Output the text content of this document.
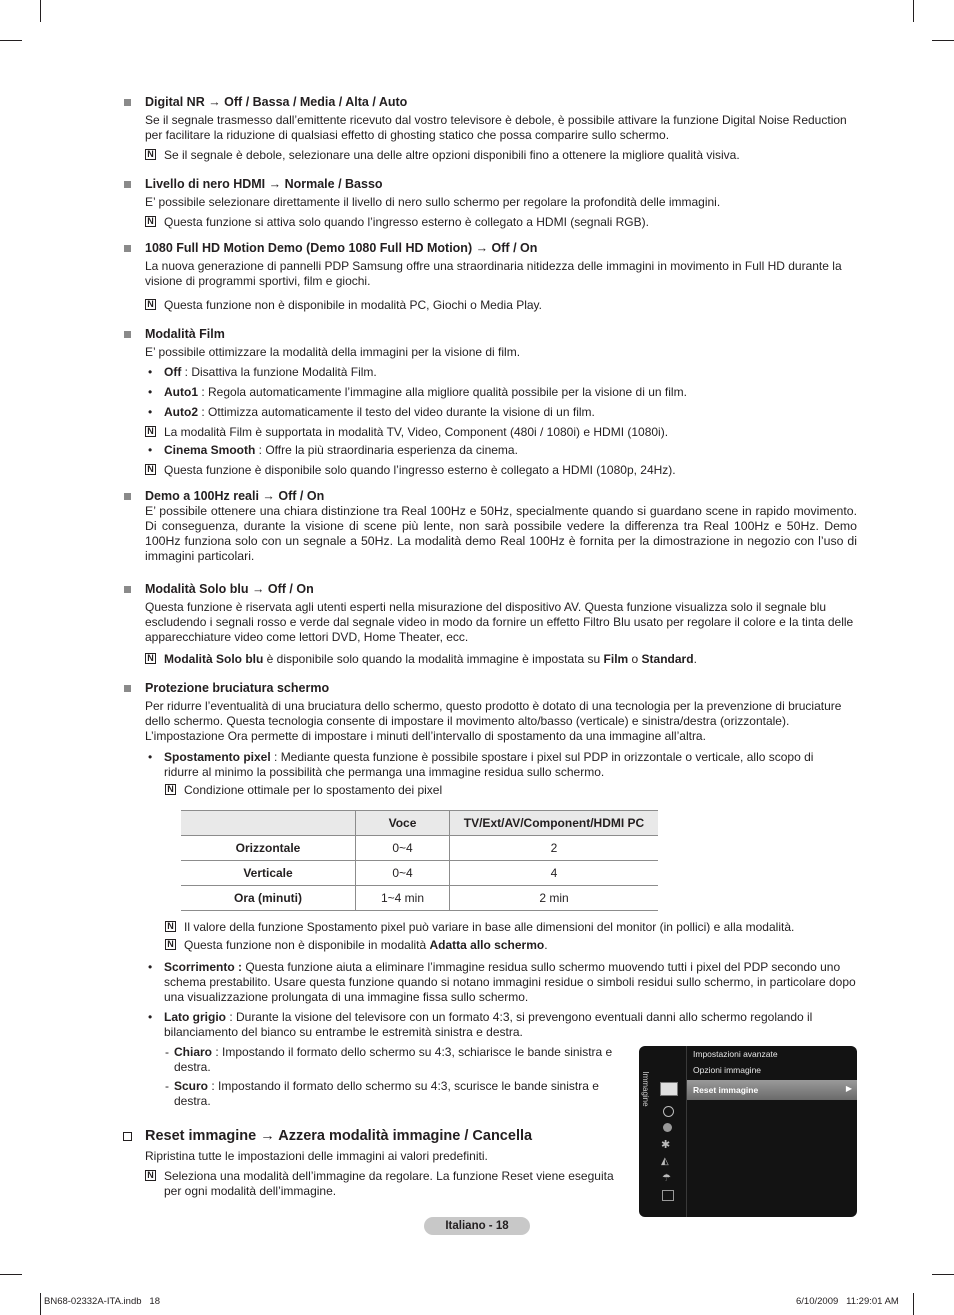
Digital NR → Off / Bassa / Media / Alta / Auto
Se il segnale trasmesso dall’emittente ricevuto dal vostro televisore è debole, è possibile attivare la funzione Digital Noise Reduction per facilitare la riduzione di qualsiasi effetto di ghosting statico che possa comparire sullo schermo.
N Se il segnale è debole, selezionare una delle altre opzioni disponibili fino a ottenere la migliore qualità visiva.
Livello di nero HDMI → Normale / Basso
E’ possibile selezionare direttamente il livello di nero sullo schermo per regolare la profondità delle immagini.
N Questa funzione si attiva solo quando l’ingresso esterno è collegato a HDMI (segnali RGB).
1080 Full HD Motion Demo (Demo 1080 Full HD Motion) → Off / On
La nuova generazione di pannelli PDP Samsung offre una straordinaria nitidezza delle immagini in movimento in Full HD durante la visione di programmi sportivi, film e giochi.
N Questa funzione non è disponibile in modalità PC, Giochi o Media Play.
Modalità Film
E’ possibile ottimizzare la modalità della immagini per la visione di film.
• Off : Disattiva la funzione Modalità Film.
• Auto1 : Regola automaticamente l’immagine alla migliore qualità possibile per la visione di un film.
• Auto2 : Ottimizza automaticamente il testo del video durante la visione di un film.
N La modalità Film è supportata in modalità TV, Video, Component (480i / 1080i) e HDMI (1080i).
• Cinema Smooth : Offre la più straordinaria esperienza da cinema.
N Questa funzione è disponibile solo quando l’ingresso esterno è collegato a HDMI (1080p, 24Hz).
Demo a 100Hz reali → Off / On
E’ possibile ottenere una chiara distinzione tra Real 100Hz e 50Hz, specialmente quando si guardano scene in rapido movimento. Di conseguenza, durante la visione di scene più lente, non sarà possibile vedere la differenza tra Real 100Hz e 50Hz. Demo 100Hz funziona solo con un segnale a 50Hz. La modalità demo Real 100Hz è fornita per la dimostrazione in negozio con l’uso di immagini particolari.
Modalità Solo blu → Off / On
Questa funzione è riservata agli utenti esperti nella misurazione del dispositivo AV. Questa funzione visualizza solo il segnale blu escludendo i segnali rosso e verde dal segnale video in modo da fornire un effetto Filtro Blu usato per regolare il colore e la tinta delle apparecchiature video come lettori DVD, Home Theater, ecc.
N Modalità Solo blu è disponibile solo quando la modalità immagine è impostata su Film o Standard.
Protezione bruciatura schermo
Per ridurre l’eventualità di una bruciatura dello schermo, questo prodotto è dotato di una tecnologia per la prevenzione di bruciature dello schermo. Questa tecnologia consente di impostare il movimento alto/basso (verticale) e sinistra/destra (orizzontale). L’impostazione Ora permette di impostare i minuti dell’intervallo di spostamento da una immagine all’altra.
• Spostamento pixel : Mediante questa funzione è possibile spostare i pixel sul PDP in orizzontale o verticale, allo scopo di ridurre al minimo la possibilità che permanga una immagine residua sullo schermo.
N Condizione ottimale per lo spostamento dei pixel
	Voce	TV/Ext/AV/Component/HDMI PC
Orizzontale	0~4	2
Verticale	0~4	4
Ora (minuti)	1~4 min	2 min
N Il valore della funzione Spostamento pixel può variare in base alle dimensioni del monitor (in pollici) e alla modalità.
N Questa funzione non è disponibile in modalità Adatta allo schermo.
• Scorrimento : Questa funzione aiuta a eliminare l’immagine residua sullo schermo muovendo tutti i pixel del PDP secondo uno schema prestabilito. Usare questa funzione quando si notano immagini residue o simboli residui sullo schermo, in particolare dopo una visualizzazione prolungata di una immagine fissa sullo schermo.
• Lato grigio : Durante la visione del televisore con un formato 4:3, si prevengono eventuali danni allo schermo regolando il bilanciamento del bianco su entrambe le estremità sinistra e destra.
- Chiaro : Impostando il formato dello schermo su 4:3, schiarisce le bande sinistra e destra.
- Scuro : Impostando il formato dello schermo su 4:3, scurisce le bande sinistra e destra.
Reset immagine → Azzera modalità immagine / Cancella
Ripristina tutte le impostazioni delle immagini ai valori predefiniti.
N Seleziona una modalità dell’immagine da regolare. La funzione Reset viene eseguita per ogni modalità dell’immagine.
Immagine
✱
◭
☂
Impostazioni avanzate
Opzioni immagine
Reset immagine	▶
Italiano - 18
BN68-02332A-ITA.indb   18	6/10/2009   11:29:01 AM
